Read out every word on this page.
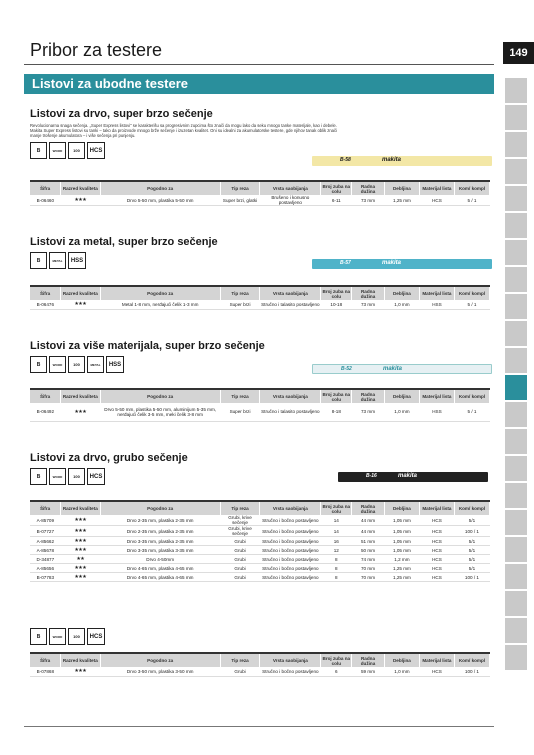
Pribor za testere	149
Listovi za ubodne testere
Listovi za drvo, super brzo sečenje
Revolucionarna snaga sečenja. „Super Express listovi" se karakterišu sa progresivnim zupcima što znači da mogu lako da seku mnogo tanke materijale, kao i debele. Makita Super Express listovi su tanki – tako da proizvode mnogo brže sečenje i izuzetan kvalitet. Oni su idealni za akumulatorske testere, gde njihov tanak oblik znači manje trošenje akumulatora – i više sečenja pri punjenju.
B	WOOD	100	HCS
B-58	makita
Šifra	Razred kvaliteta	Pogodno za	Tip reza	Vrsta saobijanja	Broj zuba na colu	Radna dužina	Debljina	Materijal lista	Kom/ kompl
B-06460	★★★	Drvo 5-50 mm, plastika 5-50 mm	Super brzi, glatki	Brušeno i konusno postavljeno	6-11	73 mm	1,25 mm	HCS	5 / 1
Listovi za metal, super brzo sečenje
B	METAL	HSS	B-57	makita
Šifra	Razred kvaliteta	Pogodno za	Tip reza	Vrsta saobijanja	Broj zuba na colu	Radna dužina	Debljina	Materijal lista	Kom/ kompl
B-06476	★★★	Metal 1-8 mm, nerđajući čelik 1-3 mm	Super brzi	Stručno i talasito postavljeno	10-18	73 mm	1,0 mm	HSS	5 / 1
Listovi za više materijala, super brzo sečenje
B	WOOD	100	METAL	HSS
B-52	makita
Šifra	Razred kvaliteta	Pogodno za	Tip reza	Vrsta saobijanja	Broj zuba na colu	Radna dužina	Debljina	Materijal lista	Kom/ kompl
B-06492	★★★	Drvo 5-50 mm, plastika 5-50 mm, aluminijum 5-35 mm, nerđajući čelik 3-5 mm, meki čelik 3-8 mm	Super brzi	Stručno i talasito postavljeno	8-18	73 mm	1,0 mm	HSS	5 / 1
Listovi za drvo, grubo sečenje
B	WOOD	100	HCS	B-16	makita
Šifra	Razred kvaliteta	Pogodno za	Tip reza	Vrsta saobijanja	Broj zuba na colu	Radna dužina	Debljina	Materijal lista	Kom/ kompl
A-85709	★★★	Drvo 2-35 mm, plastika 2-35 mm	Grubi, krive sečenje	Stručno i bočno postavljeno	14	44 mm	1,05 mm	HCS	5/1
B-07727	★★★	Drvo 2-35 mm, plastika 2-35 mm	Grubi, krive sečenje	Stručno i bočno postavljeno	14	44 mm	1,05 mm	HCS	100 / 1
A-85662	★★★	Drvo 3-35 mm, plastika 2-35 mm	Grubi	Stručno i bočno postavljeno	16	51 mm	1,05 mm	HCS	5/1
A-85678	★★★	Drvo 3-35 mm, plastika 3-35 mm	Grubi	Stručno i bočno postavljeno	12	50 mm	1,05 mm	HCS	5/1
D-34877	★★	Drvo 4-50mm	Grubi	Stručno i bočno postavljeno	8	74 mm	1,2 mm	HCS	5/1
A-85656	★★★	Drvo 4-65 mm, plastika 4-65 mm	Grubi	Stručno i bočno postavljeno	8	70 mm	1,25 mm	HCS	5/1
B-07783	★★★	Drvo 4-65 mm, plastika 4-65 mm	Grubi	Stručno i bočno postavljeno	8	70 mm	1,25 mm	HCS	100 / 1
B	WOOD	100	HCS
Šifra	Razred kvaliteta	Pogodno za	Tip reza	Vrsta saobijanja	Broj zuba na colu	Radna dužina	Debljina	Materijal lista	Kom/ kompl
B-07868	★★★	Drvo 3-50 mm, plastika 3-50 mm	Grubi	Stručno i bočno postavljeno	6	59 mm	1,0 mm	HCS	100 / 1
